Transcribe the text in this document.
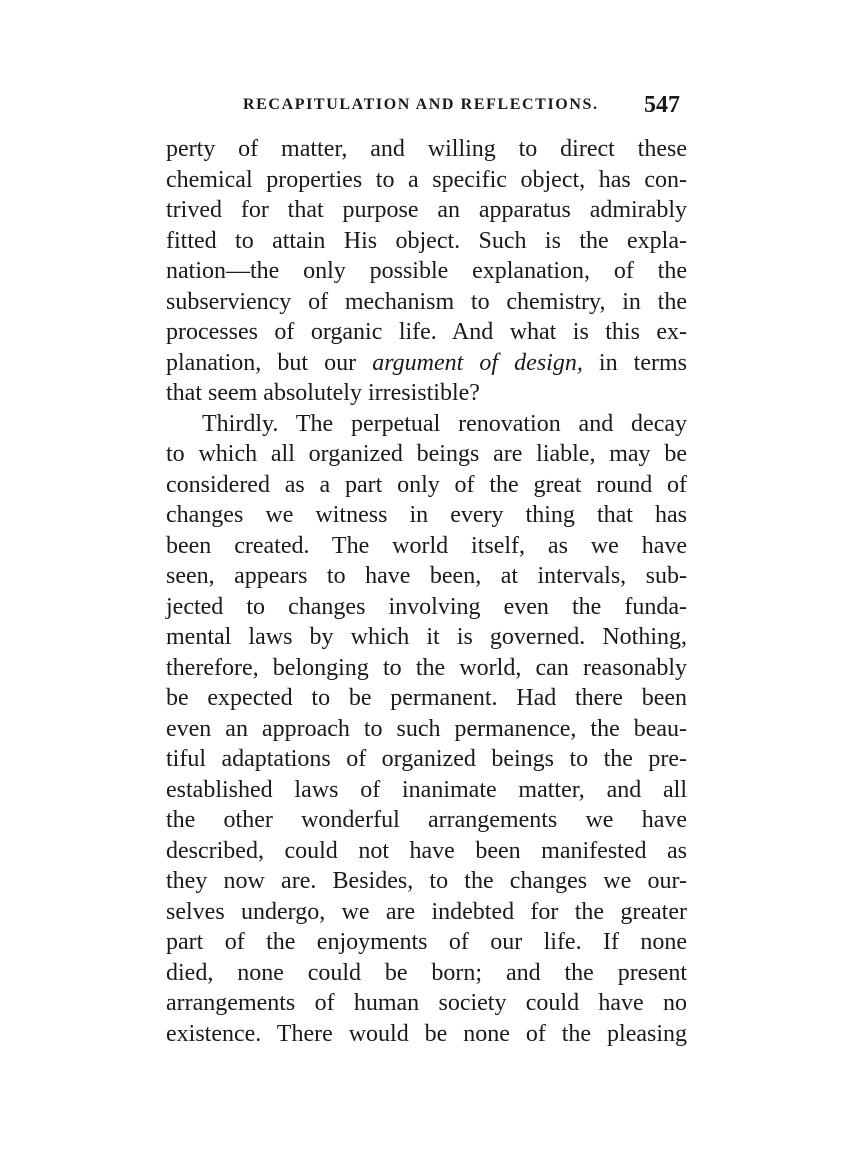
RECAPITULATION AND REFLECTIONS. 547
perty of matter, and willing to direct these
chemical properties to a specific object, has con-
trived for that purpose an apparatus admirably
fitted to attain His object. Such is the expla-
nation—the only possible explanation, of the
subserviency of mechanism to chemistry, in the
processes of organic life. And what is this ex-
planation, but our argument of design, in terms
that seem absolutely irresistible?
Thirdly. The perpetual renovation and decay
to which all organized beings are liable, may be
considered as a part only of the great round of
changes we witness in every thing that has
been created. The world itself, as we have
seen, appears to have been, at intervals, sub-
jected to changes involving even the funda-
mental laws by which it is governed. Nothing,
therefore, belonging to the world, can reasonably
be expected to be permanent. Had there been
even an approach to such permanence, the beau-
tiful adaptations of organized beings to the pre-
established laws of inanimate matter, and all
the other wonderful arrangements we have
described, could not have been manifested as
they now are. Besides, to the changes we our-
selves undergo, we are indebted for the greater
part of the enjoyments of our life. If none
died, none could be born; and the present
arrangements of human society could have no
existence. There would be none of the pleasing
